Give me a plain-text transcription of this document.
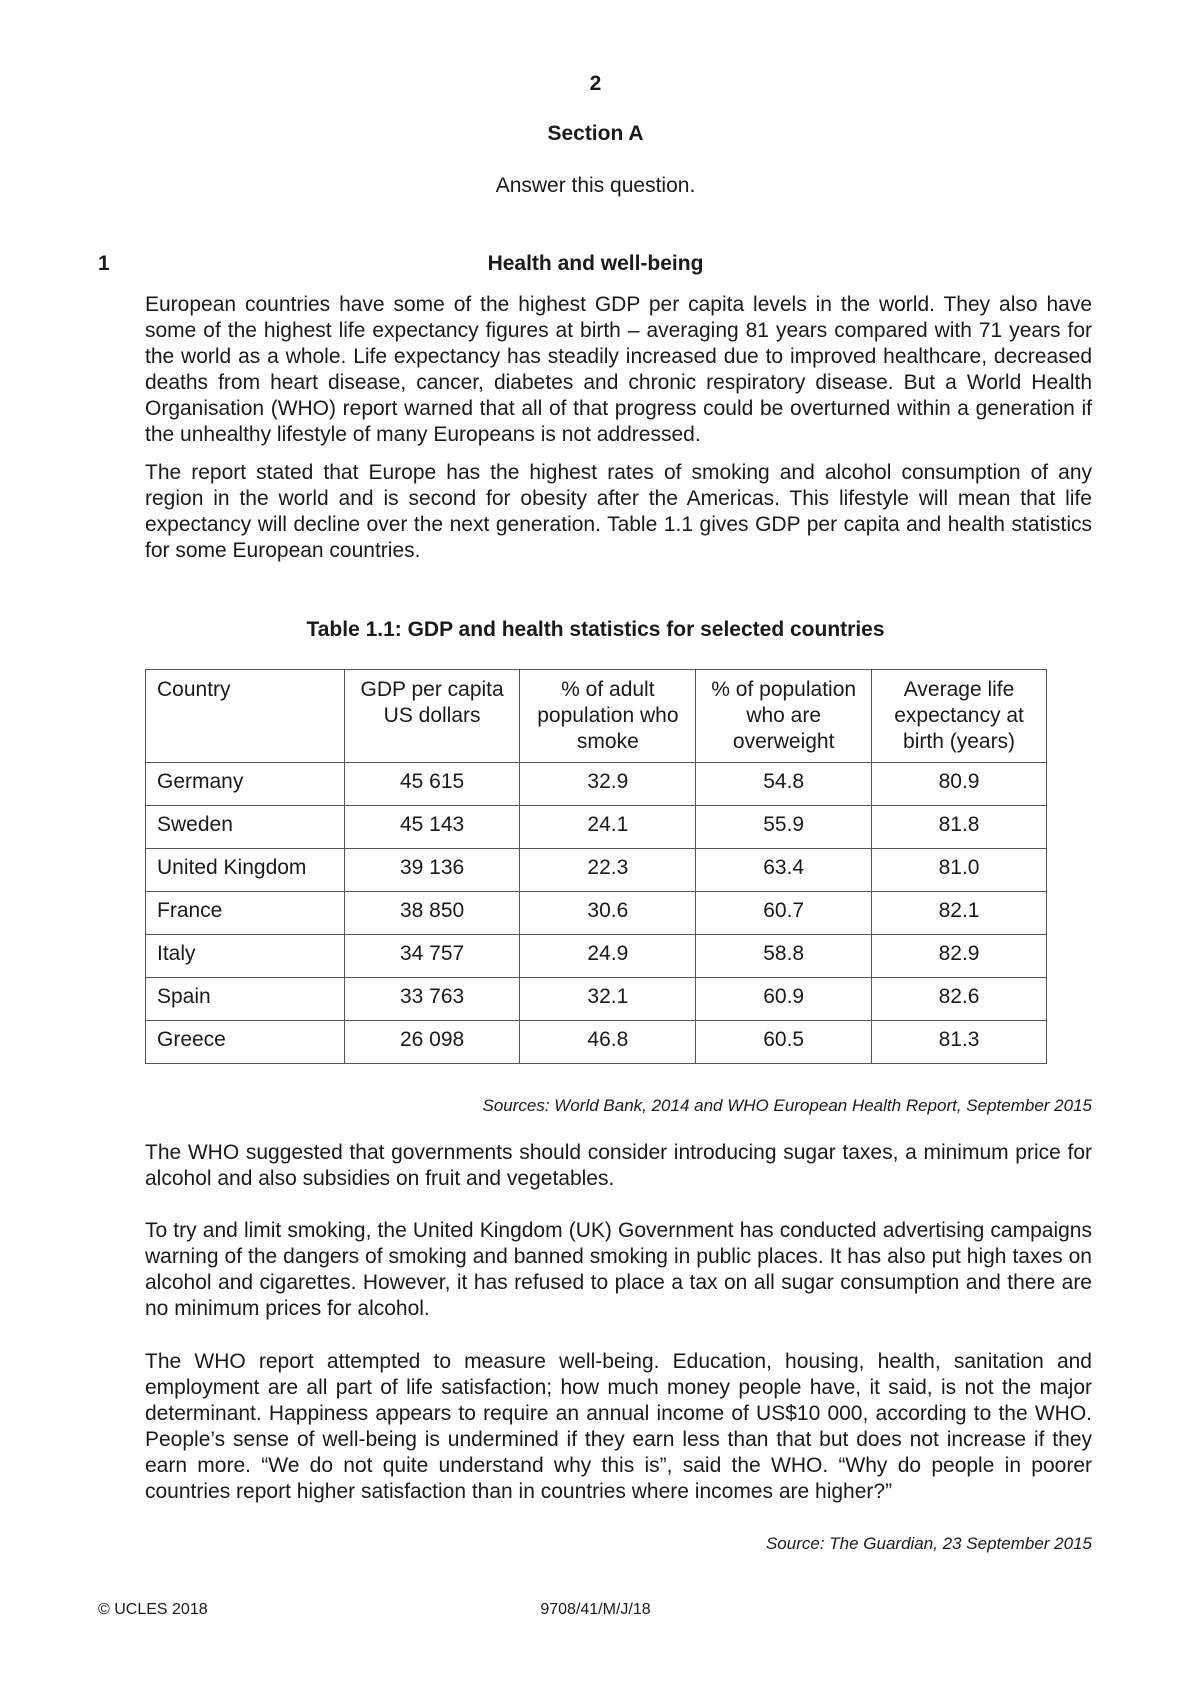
2
Section A
Answer this question.
1	Health and well-being

European countries have some of the highest GDP per capita levels in the world. They also have some of the highest life expectancy figures at birth – averaging 81 years compared with 71 years for the world as a whole. Life expectancy has steadily increased due to improved healthcare, decreased deaths from heart disease, cancer, diabetes and chronic respiratory disease. But a World Health Organisation (WHO) report warned that all of that progress could be overturned within a generation if the unhealthy lifestyle of many Europeans is not addressed.

The report stated that Europe has the highest rates of smoking and alcohol consumption of any region in the world and is second for obesity after the Americas. This lifestyle will mean that life expectancy will decline over the next generation. Table 1.1 gives GDP per capita and health statistics for some European countries.

Table 1.1: GDP and health statistics for selected countries
Country	GDP per capita US dollars	% of adult population who smoke	% of population who are overweight	Average life expectancy at birth (years)
Germany	45 615	32.9	54.8	80.9
Sweden	45 143	24.1	55.9	81.8
United Kingdom	39 136	22.3	63.4	81.0
France	38 850	30.6	60.7	82.1
Italy	34 757	24.9	58.8	82.9
Spain	33 763	32.1	60.9	82.6
Greece	26 098	46.8	60.5	81.3
Sources: World Bank, 2014 and WHO European Health Report, September 2015

The WHO suggested that governments should consider introducing sugar taxes, a minimum price for alcohol and also subsidies on fruit and vegetables.

To try and limit smoking, the United Kingdom (UK) Government has conducted advertising campaigns warning of the dangers of smoking and banned smoking in public places. It has also put high taxes on alcohol and cigarettes. However, it has refused to place a tax on all sugar consumption and there are no minimum prices for alcohol.

The WHO report attempted to measure well-being. Education, housing, health, sanitation and employment are all part of life satisfaction; how much money people have, it said, is not the major determinant. Happiness appears to require an annual income of US$10 000, according to the WHO. People’s sense of well-being is undermined if they earn less than that but does not increase if they earn more. “We do not quite understand why this is”, said the WHO. “Why do people in poorer countries report higher satisfaction than in countries where incomes are higher?”

Source: The Guardian, 23 September 2015
© UCLES 2018	9708/41/M/J/18
